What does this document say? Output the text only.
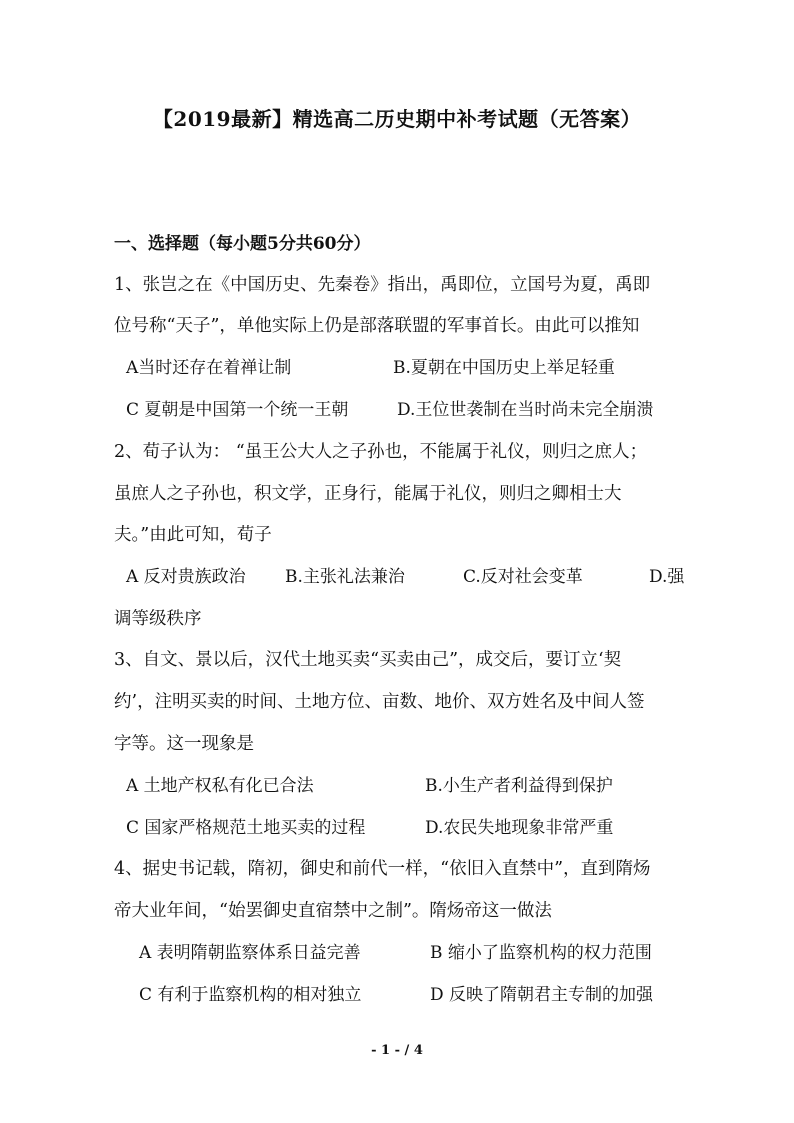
【2019最新】精选高二历史期中补考试题（无答案）
一、选择题（每小题5分共60分）
1、张岂之在《中国历史、先秦卷》指出，禹即位，立国号为夏，禹即
位号称“天子”，单他实际上仍是部落联盟的军事首长。由此可以推知
A当时还存在着禅让制	B.夏朝在中国历史上举足轻重
C 夏朝是中国第一个统一王朝	D.王位世袭制在当时尚未完全崩溃
2、荀子认为： “虽王公大人之子孙也，不能属于礼仪，则归之庶人；
虽庶人之子孙也，积文学，正身行，能属于礼仪，则归之卿相士大
夫。”由此可知，荀子
A 反对贵族政治 B.主张礼法兼治	C.反对社会变革	D.强
调等级秩序
3、自文、景以后，汉代土地买卖“买卖由己”，成交后，要订立‘契
约’，注明买卖的时间、土地方位、亩数、地价、双方姓名及中间人签
字等。这一现象是
A 土地产权私有化已合法	B.小生产者利益得到保护
C 国家严格规范土地买卖的过程	D.农民失地现象非常严重
4、据史书记载，隋初，御史和前代一样，“依旧入直禁中”，直到隋炀
帝大业年间，“始罢御史直宿禁中之制”。隋炀帝这一做法
A 表明隋朝监察体系日益完善	B 缩小了监察机构的权力范围
C 有利于监察机构的相对独立	D 反映了隋朝君主专制的加强
- 1 - / 4
